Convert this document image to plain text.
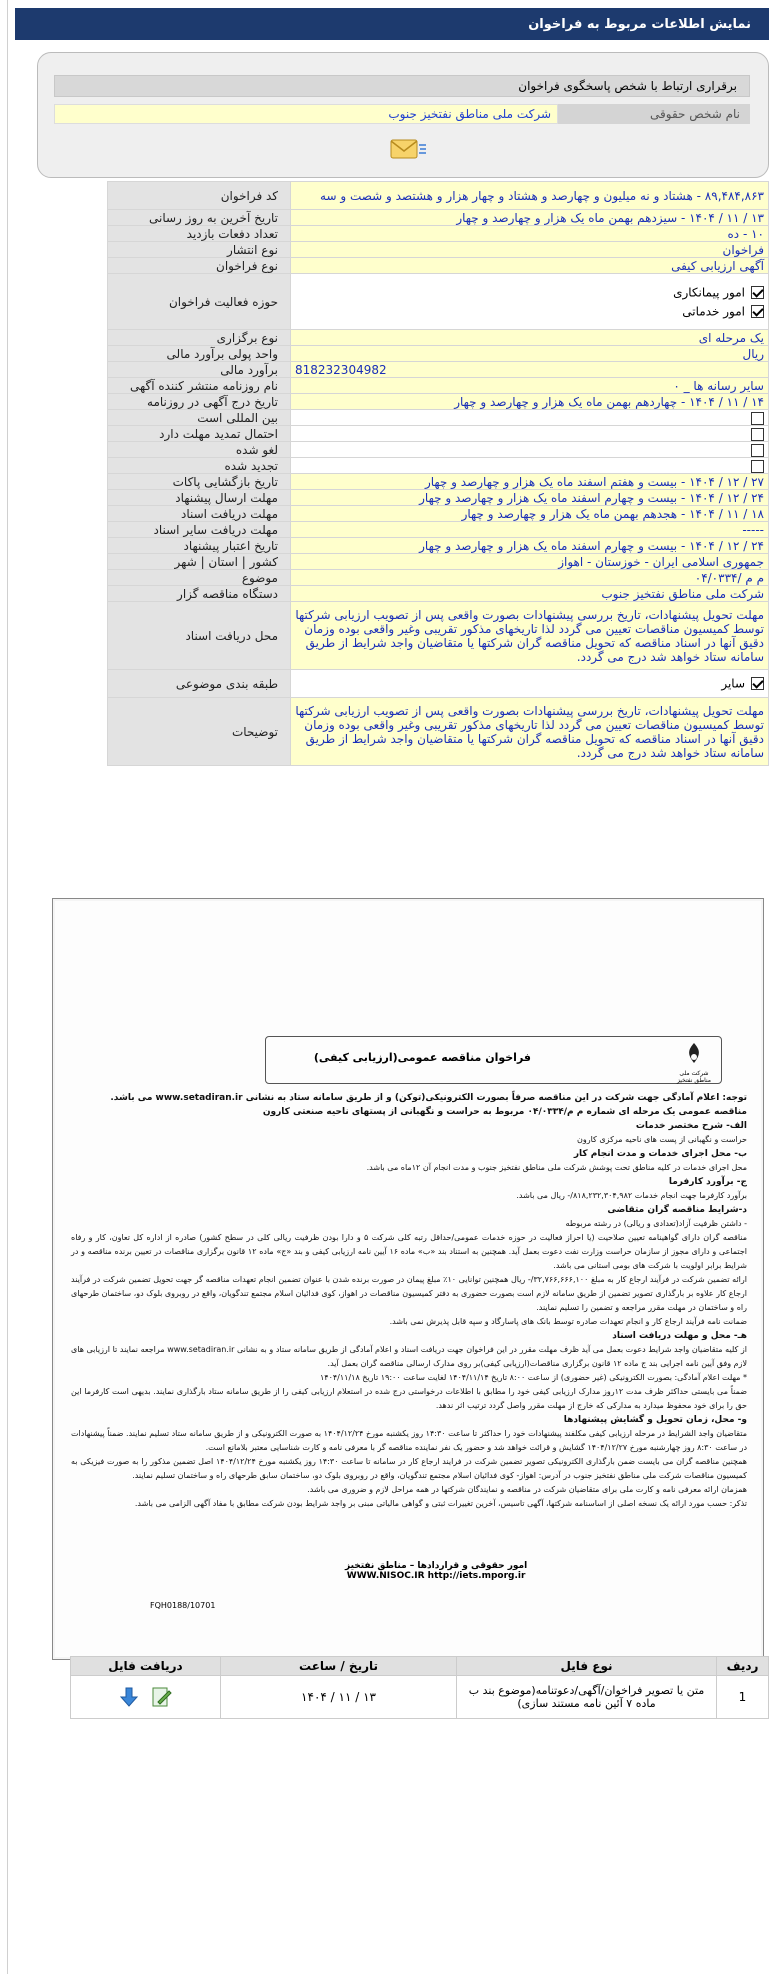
نمایش اطلاعات مربوط به فراخوان
برقراری ارتباط با شخص پاسخگوی فراخوان
نام شخص حقوقی
شرکت ملی مناطق نفتخیز جنوب
۸۹,۴۸۴,۸۶۳ - هشتاد و نه میلیون و چهارصد و هشتاد و چهار هزار و هشتصد و شصت و سه	کد فراخوان
۱۳ / ۱۱ / ۱۴۰۴ - سیزدهم بهمن ماه یک هزار و چهارصد و چهار	تاریخ آخرین به روز رسانی
۱۰ - ده	تعداد دفعات بازدید
فراخوان	نوع انتشار
آگهی ارزیابی کیفی	نوع فراخوان

امور پیمانکاری
امور خدماتی	حوزه فعالیت فراخوان
یک مرحله ای	نوع برگزاری
ریال	واحد پولی برآورد مالی

818232304982	برآورد مالی
سایر رسانه ها _ ۰	نام روزنامه منتشر کننده آگهی
۱۴ / ۱۱ / ۱۴۰۴ - چهاردهم بهمن ماه یک هزار و چهارصد و چهار	تاریخ درج آگهی در روزنامه
	بین المللی است
	احتمال تمدید مهلت دارد
	لغو شده
	تجدید شده
۲۷ / ۱۲ / ۱۴۰۴ - بیست و هفتم اسفند ماه یک هزار و چهارصد و چهار	تاریخ بازگشایی پاکات
۲۴ / ۱۲ / ۱۴۰۴ - بیست و چهارم اسفند ماه یک هزار و چهارصد و چهار	مهلت ارسال پیشنهاد
۱۸ / ۱۱ / ۱۴۰۴ - هجدهم بهمن ماه یک هزار و چهارصد و چهار	مهلت دریافت اسناد
-----	مهلت دریافت سایر اسناد
۲۴ / ۱۲ / ۱۴۰۴ - بیست و چهارم اسفند ماه یک هزار و چهارصد و چهار	تاریخ اعتبار پیشنهاد
جمهوری اسلامی ایران - خوزستان - اهواز	کشور | استان | شهر
م م /۰۴/۰۳۳۴	موضوع
شرکت ملی مناطق نفتخیز جنوب	دستگاه مناقصه گزار
مهلت تحویل پیشنهادات، تاریخ بررسی پیشنهادات بصورت واقعی پس از تصویب ارزیابی شرکتها توسط کمیسیون مناقصات تعیین می گردد لذا تاریخهای مذکور تقریبی وغیر واقعی بوده وزمان دقیق آنها در اسناد مناقصه که تحویل مناقصه گران شرکتها یا متقاضیان واجد شرایط از طریق سامانه ستاد خواهد شد درج می گردد.	محل دریافت اسناد
سایر	طبقه بندی موضوعی
مهلت تحویل پیشنهادات، تاریخ بررسی پیشنهادات بصورت واقعی پس از تصویب ارزیابی شرکتها توسط کمیسیون مناقصات تعیین می گردد لذا تاریخهای مذکور تقریبی وغیر واقعی بوده وزمان دقیق آنها در اسناد مناقصه که تحویل مناقصه گران شرکتها یا متقاضیان واجد شرایط از طریق سامانه ستاد خواهد شد درج می گردد.	توضیحات
شرکت ملی مناطق نفتخیز
فراخوان مناقصه عمومی(ارزیابی کیفی)

توجه: اعلام آمادگی جهت شرکت در این مناقصه صرفاً بصورت الکترونیکی(توکن) و از طریق سامانه ستاد به نشانی www.setadiran.ir می باشد.

مناقصه عمومی یک مرحله ای شماره م م/۰۴/۰۳۳۴ مربوط به حراست و نگهبانی از پستهای ناحیه صنعتی کارون

الف- شرح مختصر خدمات

حراست و نگهبانی از پست های ناحیه مرکزی کارون

ب- محل اجرای خدمات و مدت انجام کار

محل اجرای خدمات در کلیه مناطق تحت پوشش شرکت ملی مناطق نفتخیز جنوب و مدت انجام آن ۱۲ماه می باشد.

ج- برآورد کارفرما

برآورد کارفرما جهت انجام خدمات ۸۱۸,۲۳۲,۳۰۴,۹۸۲/- ریال می باشد.

د-شرایط مناقصه گران متقاضی

- داشتن ظرفیت آزاد(تعدادی و ریالی) در رشته مربوطه

مناقصه گران دارای گواهینامه تعیین صلاحیت (یا احراز فعالیت در حوزه خدمات عمومی/حداقل رتبه کلی شرکت ۵ و دارا بودن ظرفیت ریالی کلی در سطح کشور) صادره از اداره کل تعاون، کار و رفاه اجتماعی و دارای مجوز از سازمان حراست وزارت نفت دعوت بعمل آید. همچنین به استناد بند «ب» ماده ۱۶ آیین نامه ارزیابی کیفی و بند «ج» ماده ۱۲ قانون برگزاری مناقصات در تعیین برنده مناقصه و در شرایط برابر اولویت با شرکت های بومی استانی می باشد.

ارائه تضمین شرکت در فرآیند ارجاع کار به مبلغ ۳۲,۷۶۶,۶۶۶,۱۰۰/- ریال همچنین توانایی ۱۰٪ مبلغ پیمان در صورت برنده شدن با عنوان تضمین انجام تعهدات مناقصه گر جهت تحویل تضمین شرکت در فرآیند ارجاع کار علاوه بر بارگذاری تصویر تضمین از طریق سامانه لازم است بصورت حضوری به دفتر کمیسیون مناقصات در اهواز، کوی فدائیان اسلام مجتمع تندگویان، واقع در روبروی بلوک دو، ساختمان طرحهای راه و ساختمان در مهلت مقرر مراجعه و تضمین را تسلیم نمایند.

ضمانت نامه فرآیند ارجاع کار و انجام تعهدات صادره توسط بانک های پاسارگاد و سپه قابل پذیرش نمی باشد.

هـ- محل و مهلت دریافت اسناد

از کلیه متقاضیان واجد شرایط دعوت بعمل می آید ظرف مهلت مقرر در این فراخوان جهت دریافت اسناد و اعلام آمادگی از طریق سامانه ستاد و به نشانی www.setadiran.ir مراجعه نمایند تا ارزیابی های لازم وفق آیین نامه اجرایی بند ج ماده ۱۲ قانون برگزاری مناقصات(ارزیابی کیفی)بر روی مدارک ارسالی مناقصه گران بعمل آید.

* مهلت اعلام آمادگی: بصورت الکترونیکی (غیر حضوری) از ساعت ۸:۰۰ تاریخ ۱۴۰۴/۱۱/۱۴ لغایت ساعت ۱۹:۰۰ تاریخ ۱۴۰۴/۱۱/۱۸

ضمناً می بایستی حداکثر ظرف مدت ۱۲روز مدارک ارزیابی کیفی خود را مطابق با اطلاعات درخواستی درج شده در استعلام ارزیابی کیفی را از طریق سامانه ستاد بارگذاری نمایند. بدیهی است کارفرما این حق را برای خود محفوظ میدارد به مدارکی که خارج از مهلت مقرر واصل گردد ترتیب اثر ندهد.

و- محل، زمان تحویل و گشایش پیشنهادها

متقاضیان واجد الشرایط در مرحله ارزیابی کیفی مکلفند پیشنهادات خود را حداکثر تا ساعت ۱۴:۳۰ روز یکشنبه مورخ ۱۴۰۴/۱۲/۲۴ به صورت الکترونیکی و از طریق سامانه ستاد تسلیم نمایند. ضمناً پیشنهادات در ساعت ۸:۳۰ روز چهارشنبه مورخ ۱۴۰۴/۱۲/۲۷ گشایش و قرائت خواهد شد و حضور یک نفر نماینده مناقصه گر با معرفی نامه و کارت شناسایی معتبر بلامانع است.

همچنین مناقصه گران می بایست ضمن بارگذاری الکترونیکی تصویر تضمین شرکت در فرایند ارجاع کار در سامانه تا ساعت ۱۴:۳۰ روز یکشنبه مورخ ۱۴۰۴/۱۲/۲۴ اصل تضمین مذکور را به صورت فیزیکی به کمیسیون مناقصات شرکت ملی مناطق نفتخیز جنوب در آدرس: اهواز- کوی فدائیان اسلام مجتمع تندگویان، واقع در روبروی بلوک دو، ساختمان سابق طرحهای راه و ساختمان تسلیم نمایند.

همزمان ارائه معرفی نامه و کارت ملی برای متقاضیان شرکت در مناقصه و نمایندگان شرکتها در همه مراحل لازم و ضروری می باشد.

تذکر: حسب مورد ارائه یک نسخه اصلی از اساسنامه شرکتها، آگهی تاسیس، آخرین تغییرات ثبتی و گواهی مالیاتی مبنی بر واجد شرایط بودن شرکت مطابق با مفاد آگهی الزامی می باشد.

امور حقوقی و قراردادها – مناطق نفتخیز
WWW.NISOC.IR http://iets.mporg.ir
FQH0188/10701
ردیف	نوع فایل	تاریخ / ساعت	دریافت فایل
1	متن یا تصویر فراخوان/آگهی/دعوتنامه(موضوع بند ب ماده ۷ آئین نامه مستند سازی)	۱۳ / ۱۱ / ۱۴۰۴	
